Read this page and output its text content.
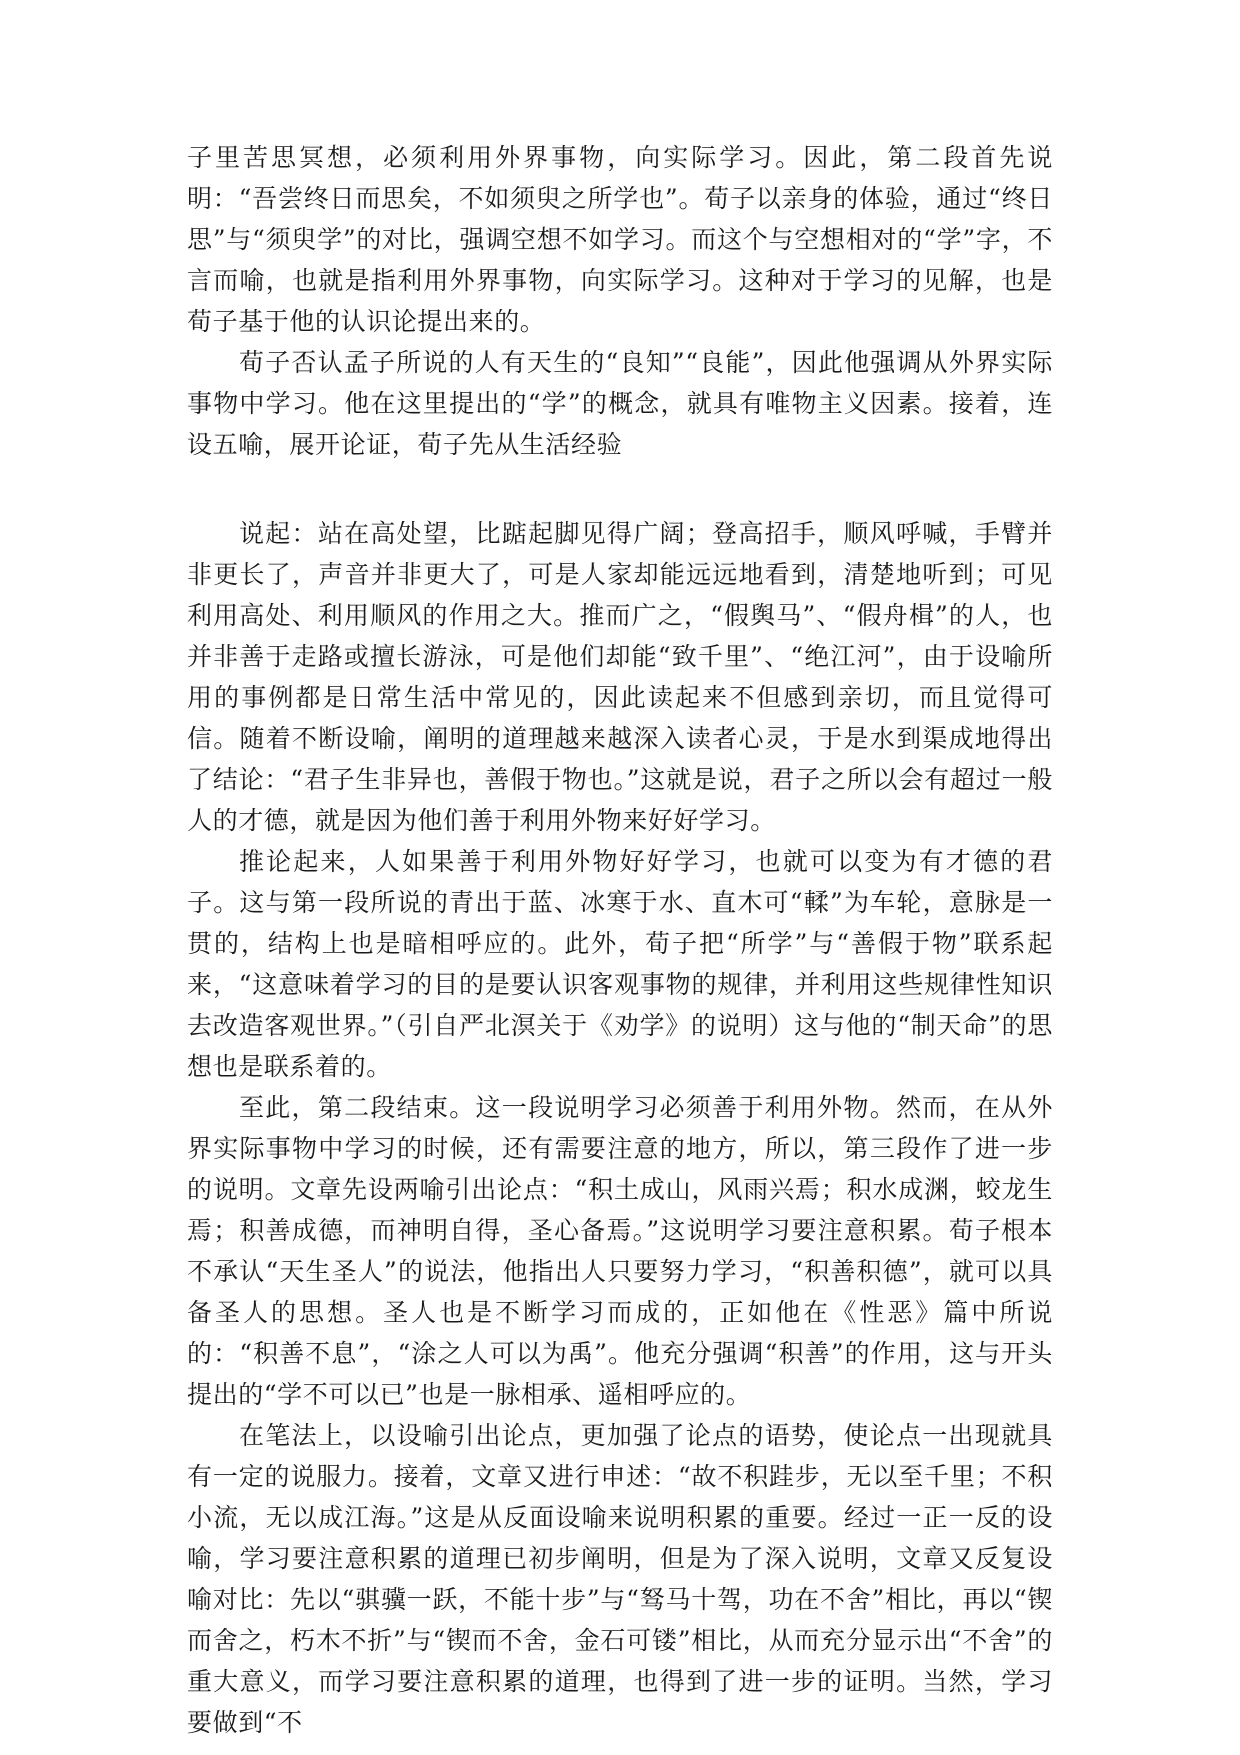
子里苦思冥想，必须利用外界事物，向实际学习。因此，第二段首先说明：“吾尝终日而思矣，不如须臾之所学也”。荀子以亲身的体验，通过“终日思”与“须臾学”的对比，强调空想不如学习。而这个与空想相对的“学”字，不言而喻，也就是指利用外界事物，向实际学习。这种对于学习的见解，也是荀子基于他的认识论提出来的。

荀子否认孟子所说的人有天生的“良知”“良能”，因此他强调从外界实际事物中学习。他在这里提出的“学”的概念，就具有唯物主义因素。接着，连设五喻，展开论证，荀子先从生活经验

说起：站在高处望，比踮起脚见得广阔；登高招手，顺风呼喊，手臂并非更长了，声音并非更大了，可是人家却能远远地看到，清楚地听到；可见利用高处、利用顺风的作用之大。推而广之，“假舆马”、“假舟楫”的人，也并非善于走路或擅长游泳，可是他们却能“致千里”、“绝江河”，由于设喻所用的事例都是日常生活中常见的，因此读起来不但感到亲切，而且觉得可信。随着不断设喻，阐明的道理越来越深入读者心灵，于是水到渠成地得出了结论：“君子生非异也，善假于物也。”这就是说，君子之所以会有超过一般人的才德，就是因为他们善于利用外物来好好学习。

推论起来，人如果善于利用外物好好学习，也就可以变为有才德的君子。这与第一段所说的青出于蓝、冰寒于水、直木可“輮”为车轮，意脉是一贯的，结构上也是暗相呼应的。此外，荀子把“所学”与“善假于物”联系起来，“这意味着学习的目的是要认识客观事物的规律，并利用这些规律性知识去改造客观世界。”（引自严北溟关于《劝学》的说明）这与他的“制天命”的思想也是联系着的。

至此，第二段结束。这一段说明学习必须善于利用外物。然而，在从外界实际事物中学习的时候，还有需要注意的地方，所以，第三段作了进一步的说明。文章先设两喻引出论点：“积土成山，风雨兴焉；积水成渊，蛟龙生焉；积善成德，而神明自得，圣心备焉。”这说明学习要注意积累。荀子根本不承认“天生圣人”的说法，他指出人只要努力学习，“积善积德”，就可以具备圣人的思想。圣人也是不断学习而成的，正如他在《性恶》篇中所说的：“积善不息”，“涂之人可以为禹”。他充分强调“积善”的作用，这与开头提出的“学不可以已”也是一脉相承、遥相呼应的。

在笔法上，以设喻引出论点，更加强了论点的语势，使论点一出现就具有一定的说服力。接着，文章又进行申述：“故不积跬步，无以至千里；不积小流，无以成江海。”这是从反面设喻来说明积累的重要。经过一正一反的设喻，学习要注意积累的道理已初步阐明，但是为了深入说明，文章又反复设喻对比：先以“骐骥一跃，不能十步”与“驽马十驾，功在不舍”相比，再以“锲而舍之，朽木不折”与“锲而不舍，金石可镂”相比，从而充分显示出“不舍”的重大意义，而学习要注意积累的道理，也得到了进一步的证明。当然，学习要做到“不
